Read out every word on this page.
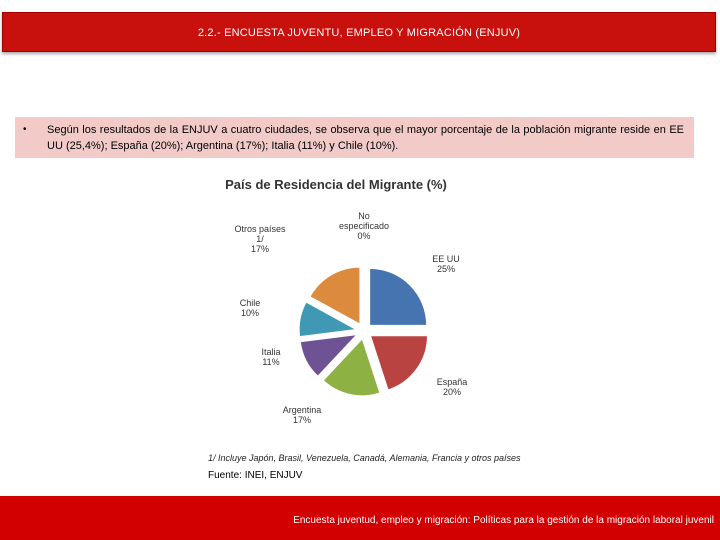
2.2.- ENCUESTA JUVENTU, EMPLEO Y MIGRACIÓN (ENJUV)
• Según los resultados de la ENJUV a cuatro ciudades, se observa que el mayor porcentaje de la población migrante reside en EE UU (25,4%); España (20%); Argentina (17%); Italia (11%) y Chile (10%).
País de Residencia del Migrante (%)
EE UU 25%
España 20%
Argentina 17%
Italia 11%
Chile 10%
Otros países 1/ 17%
No especificado 0%
1/ Incluye Japón, Brasil, Venezuela, Canadá, Alemania, Francia y otros países
Fuente: INEI, ENJUV
Encuesta juventud, empleo y migración: Políticas para la gestión de la migración laboral juvenil
